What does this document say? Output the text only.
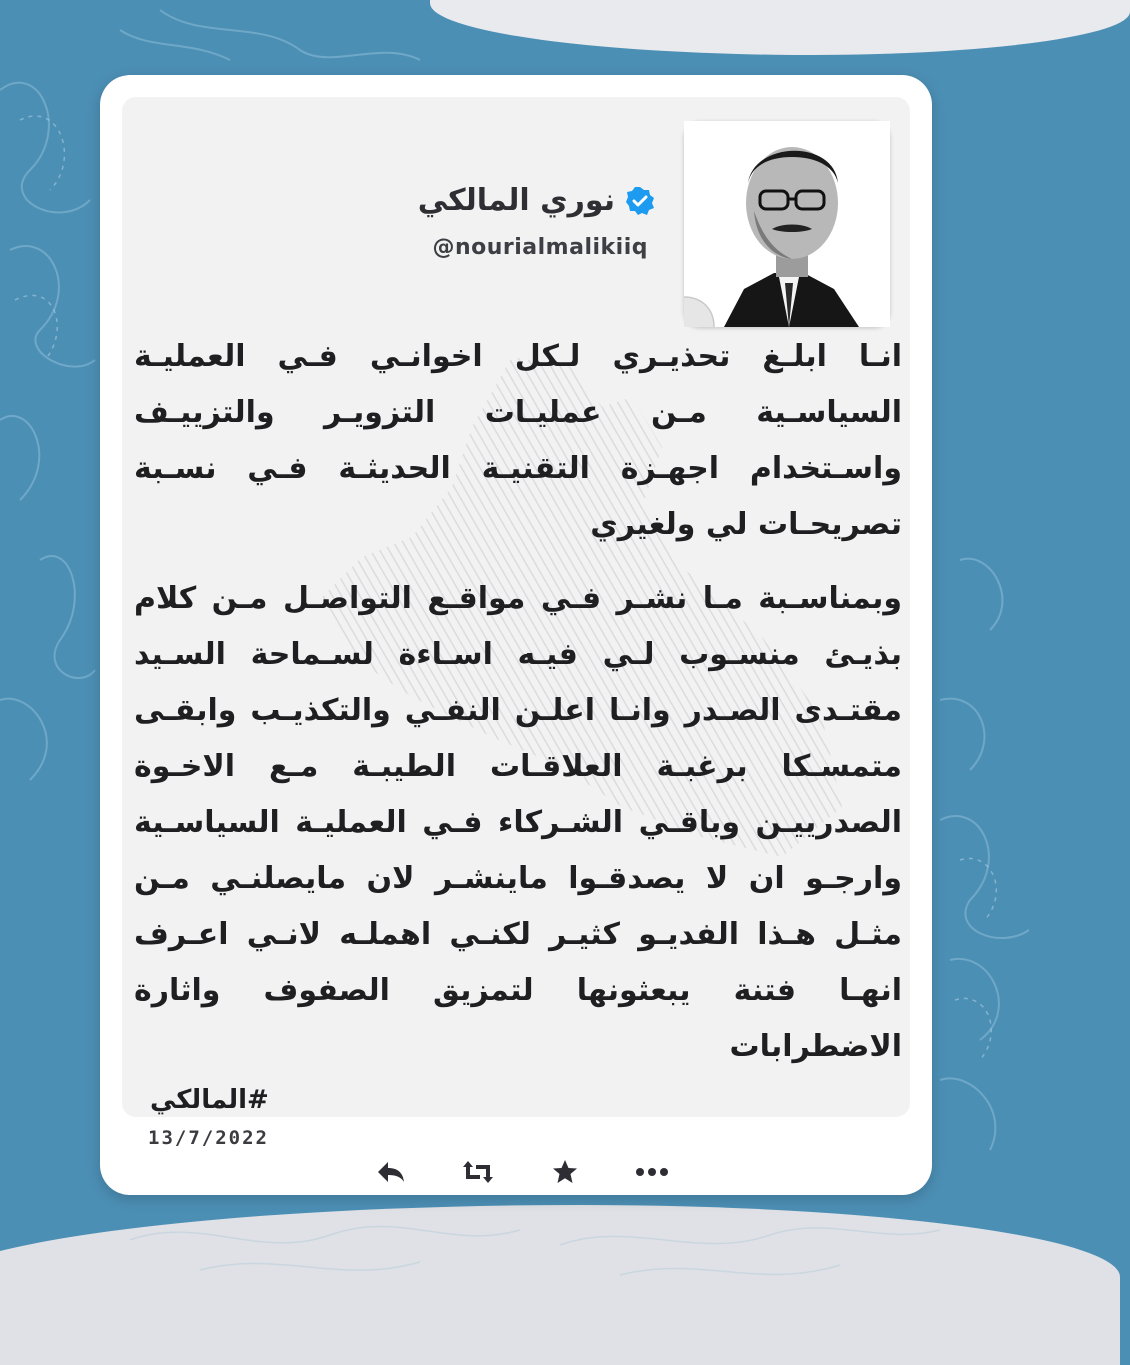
نوري المالكي
@nourialmalikiiq

انـا ابلـغ تحذيـري لـكل اخوانـي فـي العمليـة السياسـية مـن عمليـات التزويـر والتزييـف واسـتخدام اجهـزة التقنيـة الحديثـة فـي نسـبة تصريحـات لي ولغيري

وبمناسـبة مـا نشـر فـي مواقـع التواصـل مـن كلام بذيـئ منسـوب لـي فيـه اسـاءة لسـماحة السـيد مقتـدى الصـدر وانـا اعلـن النفـي والتكذيـب وابقـى متمسـكا برغبـة العلاقـات الطيبـة مـع الاخـوة الصدرييـن وباقـي الشـركاء فـي العمليـة السياسـية وارجـو ان لا يصدقـوا ماينشـر لان مايصلنـي مـن مثـل هـذا الفديـو كثيـر لكنـي اهملـه لانـي اعـرف انهـا فتنة يبعثونها لتمزيق الصفوف واثارة الاضطرابات

#المالكي
13/7/2022
